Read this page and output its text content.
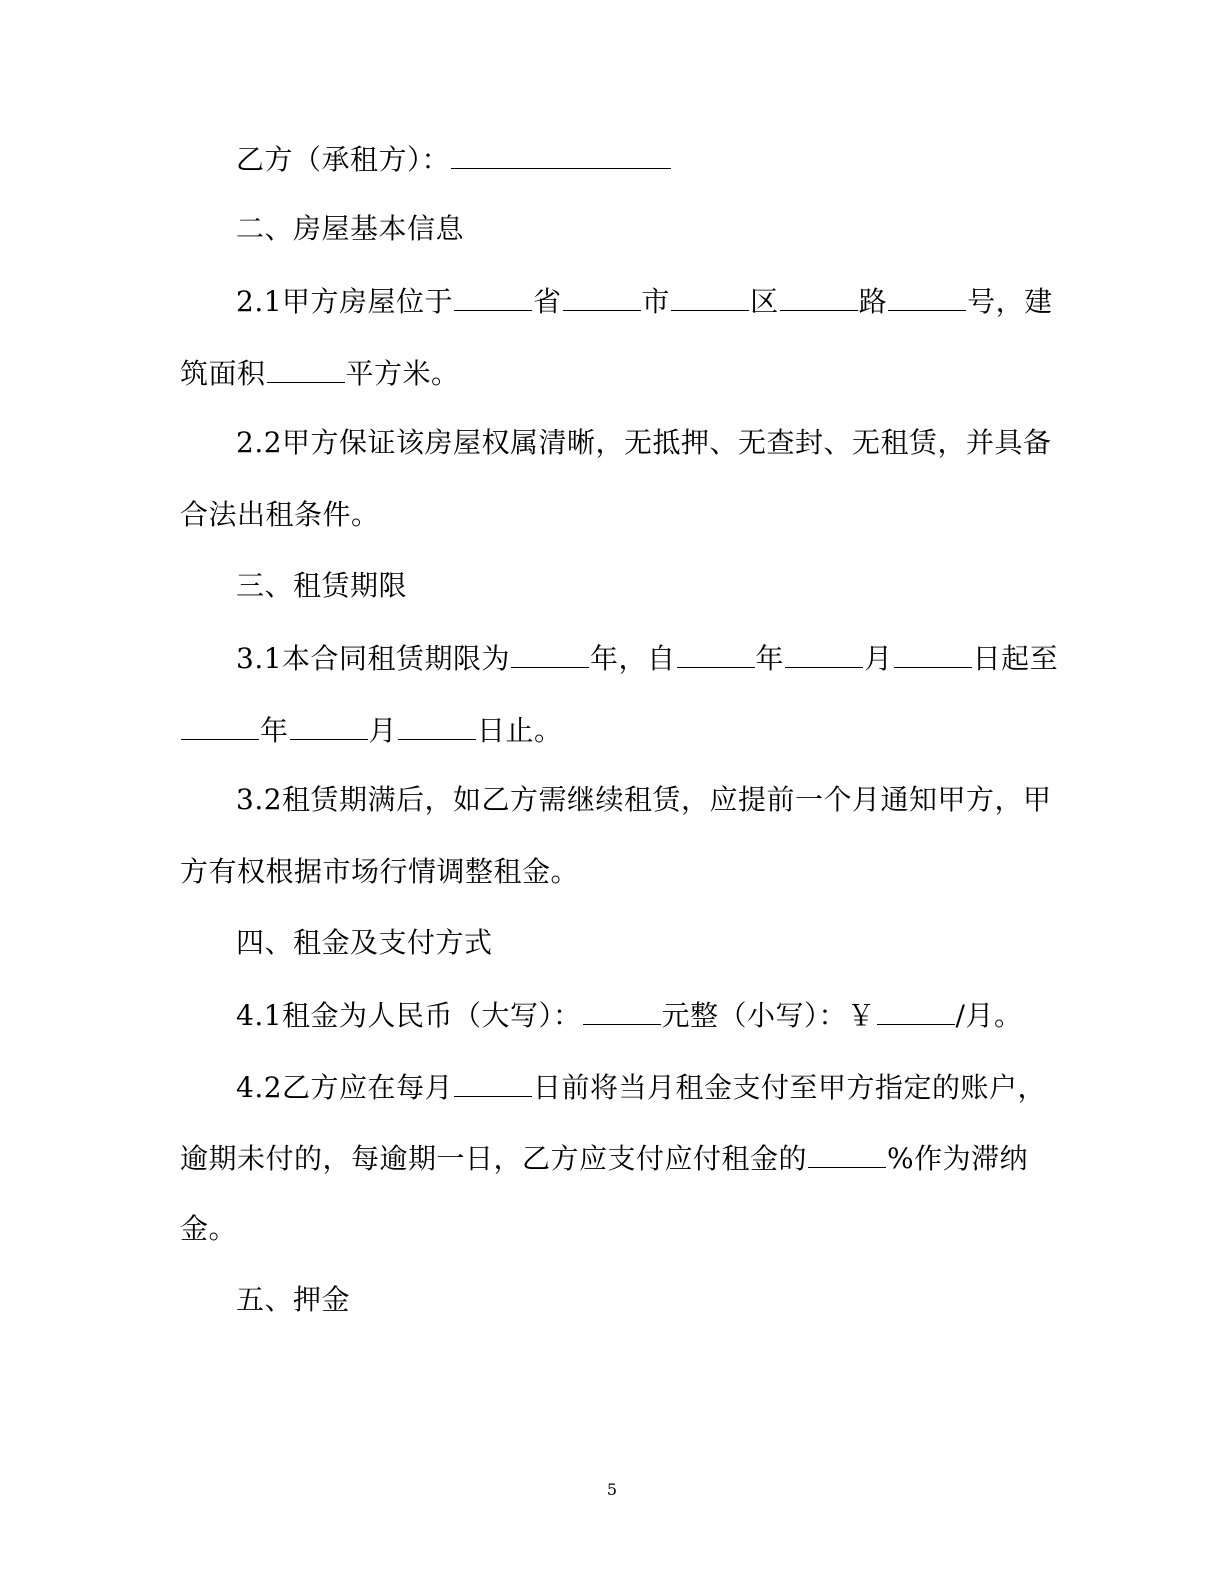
乙方（承租方）：
二、房屋基本信息
2.1甲方房屋位于	省	市	区	路	号，建
筑面积	平方米。
2.2甲方保证该房屋权属清晰，无抵押、无查封、无租赁，并具备
合法出租条件。
三、租赁期限
3.1本合同租赁期限为	年，自	年	月	日起至
年	月	日止。
3.2租赁期满后，如乙方需继续租赁，应提前一个月通知甲方，甲
方有权根据市场行情调整租金。
四、租金及支付方式
4.1租金为人民币（大写）：	元整（小写）：￥	/月。
4.2乙方应在每月	日前将当月租金支付至甲方指定的账户，
逾期未付的，每逾期一日，乙方应支付应付租金的	%作为滞纳
金。
五、押金
5
